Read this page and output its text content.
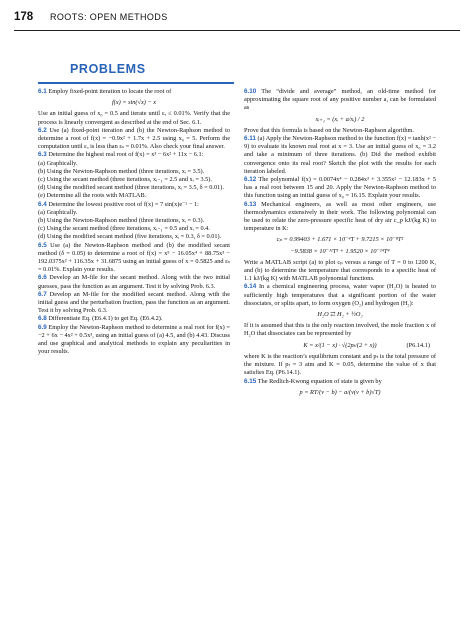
178 ROOTS: OPEN METHODS
PROBLEMS

6.1 Employ fixed-point iteration to locate the root of

f(x) = sin(√x) − x

Use an initial guess of x₀ = 0.5 and iterate until εₐ ≤ 0.01%. Verify that the process is linearly convergent as described at the end of Sec. 6.1.

6.2 Use (a) fixed-point iteration and (b) the Newton-Raphson method to determine a root of f(x) = −0.9x² + 1.7x + 2.5 using x₀ = 5. Perform the computation until εₐ is less than εₛ = 0.01%. Also check your final answer.

6.3 Determine the highest real root of f(x) = x³ − 6x² + 11x − 6.1:

(a) Graphically.

(b) Using the Newton-Raphson method (three iterations, xᵢ = 3.5).

(c) Using the secant method (three iterations, xᵢ₋₁ = 2.5 and xᵢ = 3.5).

(d) Using the modified secant method (three iterations, xᵢ = 3.5, δ = 0.01).

(e) Determine all the roots with MATLAB.

6.4 Determine the lowest positive root of f(x) = 7 sin(x)e⁻ˣ − 1:

(a) Graphically.

(b) Using the Newton-Raphson method (three iterations, xᵢ = 0.3).

(c) Using the secant method (three iterations, xᵢ₋₁ = 0.5 and xᵢ = 0.4.

(d) Using the modified secant method (five iterations, xᵢ = 0.3, δ = 0.01).

6.5 Use (a) the Newton-Raphson method and (b) the modified secant method (δ = 0.05) to determine a root of f(x) = x⁵ − 16.05x⁴ + 88.75x³ − 192.0375x² + 116.35x + 31.6875 using an initial guess of x = 0.5825 and εₛ = 0.01%. Explain your results.

6.6 Develop an M-file for the secant method. Along with the two initial guesses, pass the function as an argument. Test it by solving Prob. 6.3.

6.7 Develop an M-file for the modified secant method. Along with the initial guess and the perturbation fraction, pass the function as an argument. Test it by solving Prob. 6.3.

6.8 Differentiate Eq. (E6.4.1) to get Eq. (E6.4.2).

6.9 Employ the Newton-Raphson method to determine a real root for f(x) = −2 + 6x − 4x² + 0.5x³, using an initial guess of (a) 4.5, and (b) 4.43. Discuss and use graphical and analytical methods to explain any peculiarities in your results.

6.10 The “divide and average” method, an old-time method for approximating the square root of any positive number a, can be formulated as

xᵢ₊₁ = (xᵢ + a/xᵢ) / 2

Prove that this formula is based on the Newton-Raphson algorithm.

6.11 (a) Apply the Newton-Raphson method to the function f(x) = tanh(x² − 9) to evaluate its known real root at x = 3. Use an initial guess of x₀ = 3.2 and take a minimum of three iterations. (b) Did the method exhibit convergence onto its real root? Sketch the plot with the results for each iteration labeled.

6.12 The polynomial f(x) = 0.0074x⁴ − 0.284x³ + 3.355x² − 12.183x + 5 has a real root between 15 and 20. Apply the Newton-Raphson method to this function using an initial guess of x₀ = 16.15. Explain your results.

6.13 Mechanical engineers, as well as most other engineers, use thermodynamics extensively in their work. The following polynomial can be used to relate the zero-pressure specific heat of dry air c_p kJ/(kg K) to temperature in K:

cₚ = 0.99403 + 1.671 × 10⁻⁴T + 9.7215 × 10⁻⁸T²
−9.5838 × 10⁻¹¹T³ + 1.9520 × 10⁻¹⁴T⁴

Write a MATLAB script (a) to plot cₚ versus a range of T = 0 to 1200 K, and (b) to determine the temperature that corresponds to a specific heat of 1.1 kJ/(kg K) with MATLAB polynomial functions.

6.14 In a chemical engineering process, water vapor (H₂O) is heated to sufficiently high temperatures that a significant portion of the water dissociates, or splits apart, to form oxygen (O₂) and hydrogen (H₂):

H₂O ⇄ H₂ + ½O₂

If it is assumed that this is the only reaction involved, the mole fraction x of H₂O that dissociates can be represented by

K = x/(1 − x) · √(2pₜ/(2 + x))	(P6.14.1)

where K is the reaction’s equilibrium constant and pₜ is the total pressure of the mixture. If pₜ = 3 atm and K = 0.05, determine the value of x that satisfies Eq. (P6.14.1).

6.15 The Redlich-Kwong equation of state is given by

p = RT/(v − b) − a/(v(v + b)√T)
